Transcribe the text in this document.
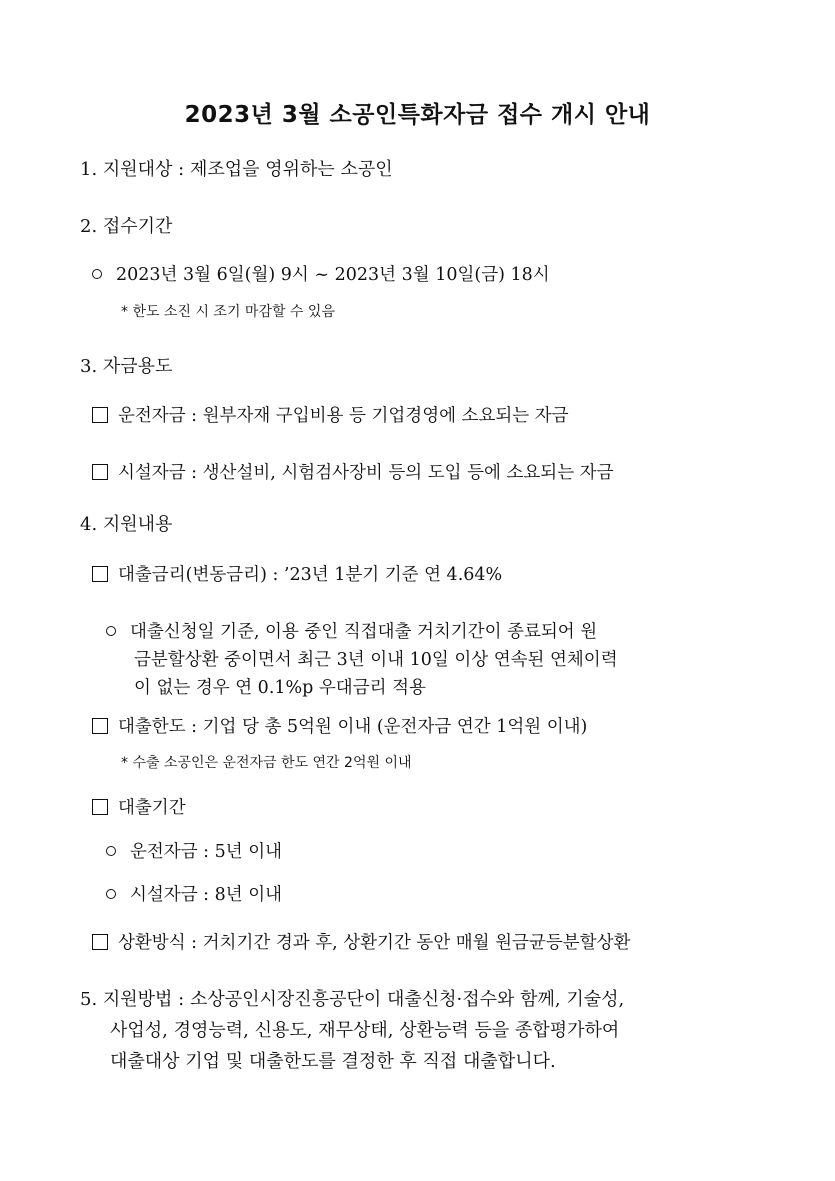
2023년 3월 소공인특화자금 접수 개시 안내
1. 지원대상 : 제조업을 영위하는 소공인
2. 접수기간
2023년 3월 6일(월) 9시 ~ 2023년 3월 10일(금) 18시
* 한도 소진 시 조기 마감할 수 있음
3. 자금용도
운전자금 : 원부자재 구입비용 등 기업경영에 소요되는 자금
시설자금 : 생산설비, 시험검사장비 등의 도입 등에 소요되는 자금
4. 지원내용
대출금리(변동금리) : ’23년 1분기 기준 연 4.64%
대출신청일 기준, 이용 중인 직접대출 거치기간이 종료되어 원
금분할상환 중이면서 최근 3년 이내 10일 이상 연속된 연체이력
이 없는 경우 연 0.1%p 우대금리 적용
대출한도 : 기업 당 총 5억원 이내 (운전자금 연간 1억원 이내)
* 수출 소공인은 운전자금 한도 연간 2억원 이내
대출기간
운전자금 : 5년 이내
시설자금 : 8년 이내
상환방식 : 거치기간 경과 후, 상환기간 동안 매월 원금균등분할상환
5. 지원방법 : 소상공인시장진흥공단이 대출신청·접수와 함께, 기술성,
사업성, 경영능력, 신용도, 재무상태, 상환능력 등을 종합평가하여
대출대상 기업 및 대출한도를 결정한 후 직접 대출합니다.
